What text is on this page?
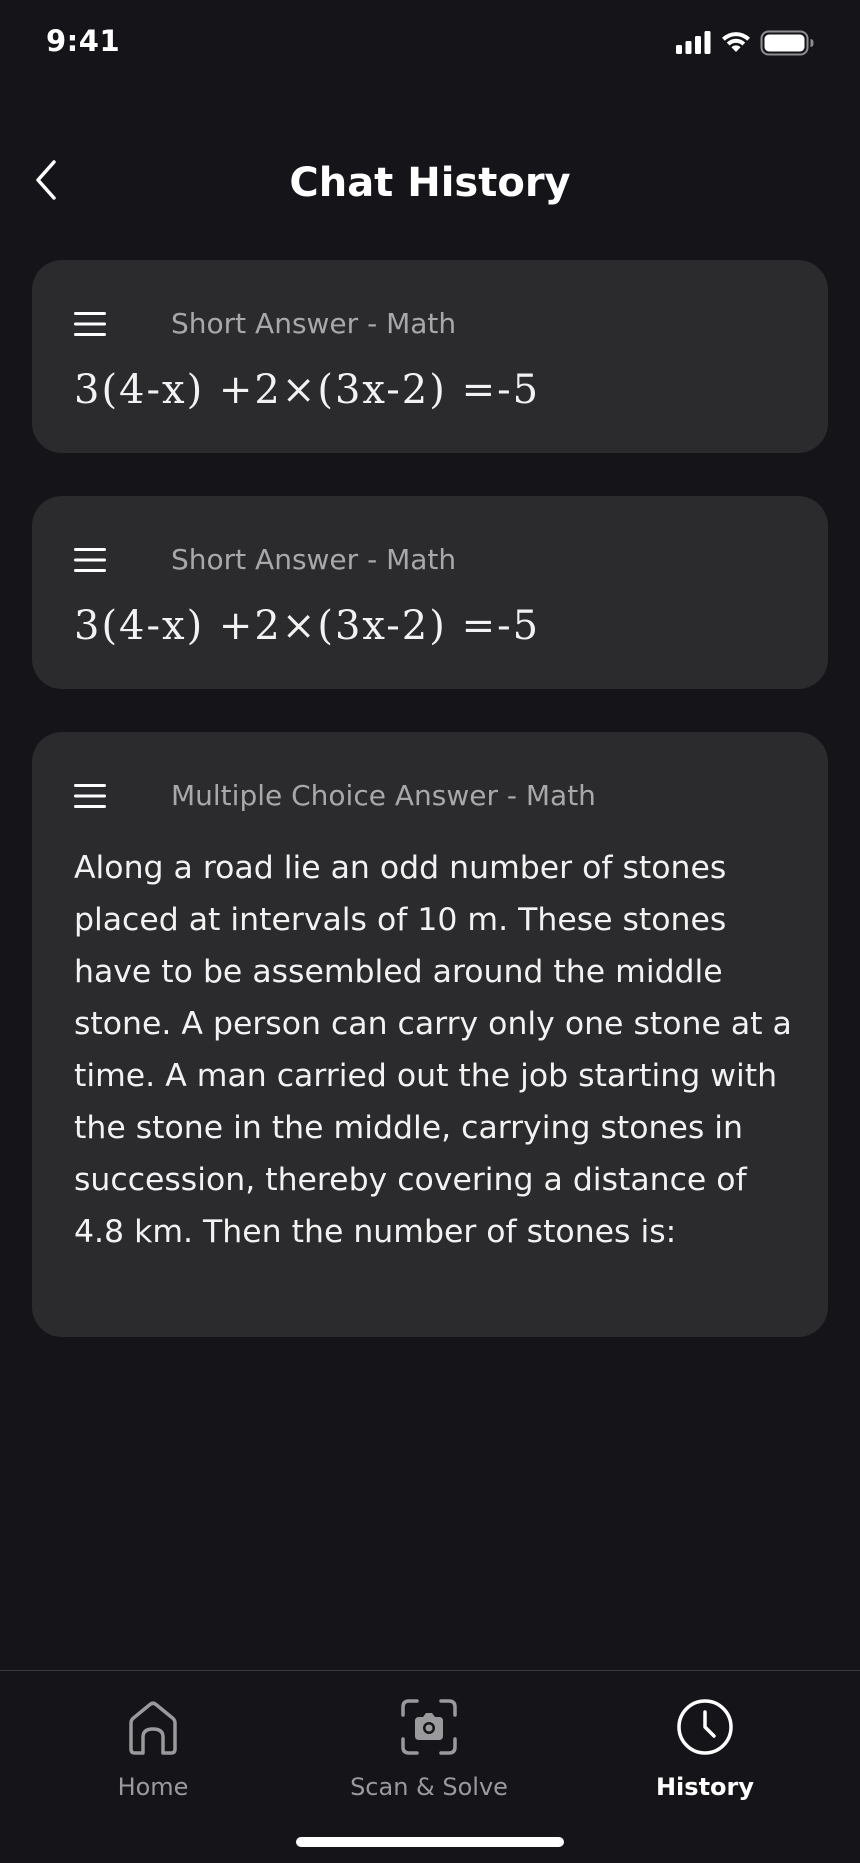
9:41
Chat History
Short Answer - Math
3(4-x) +2×(3x-2) =-5
Short Answer - Math
3(4-x) +2×(3x-2) =-5
Multiple Choice Answer - Math
Along a road lie an odd number of stones placed at intervals of 10 m. These stones have to be assembled around the middle stone. A person can carry only one stone at a time. A man carried out the job starting with the stone in the middle, carrying stones in succession, thereby covering a distance of 4.8 km. Then the number of stones is:
Home	Scan & Solve	History
